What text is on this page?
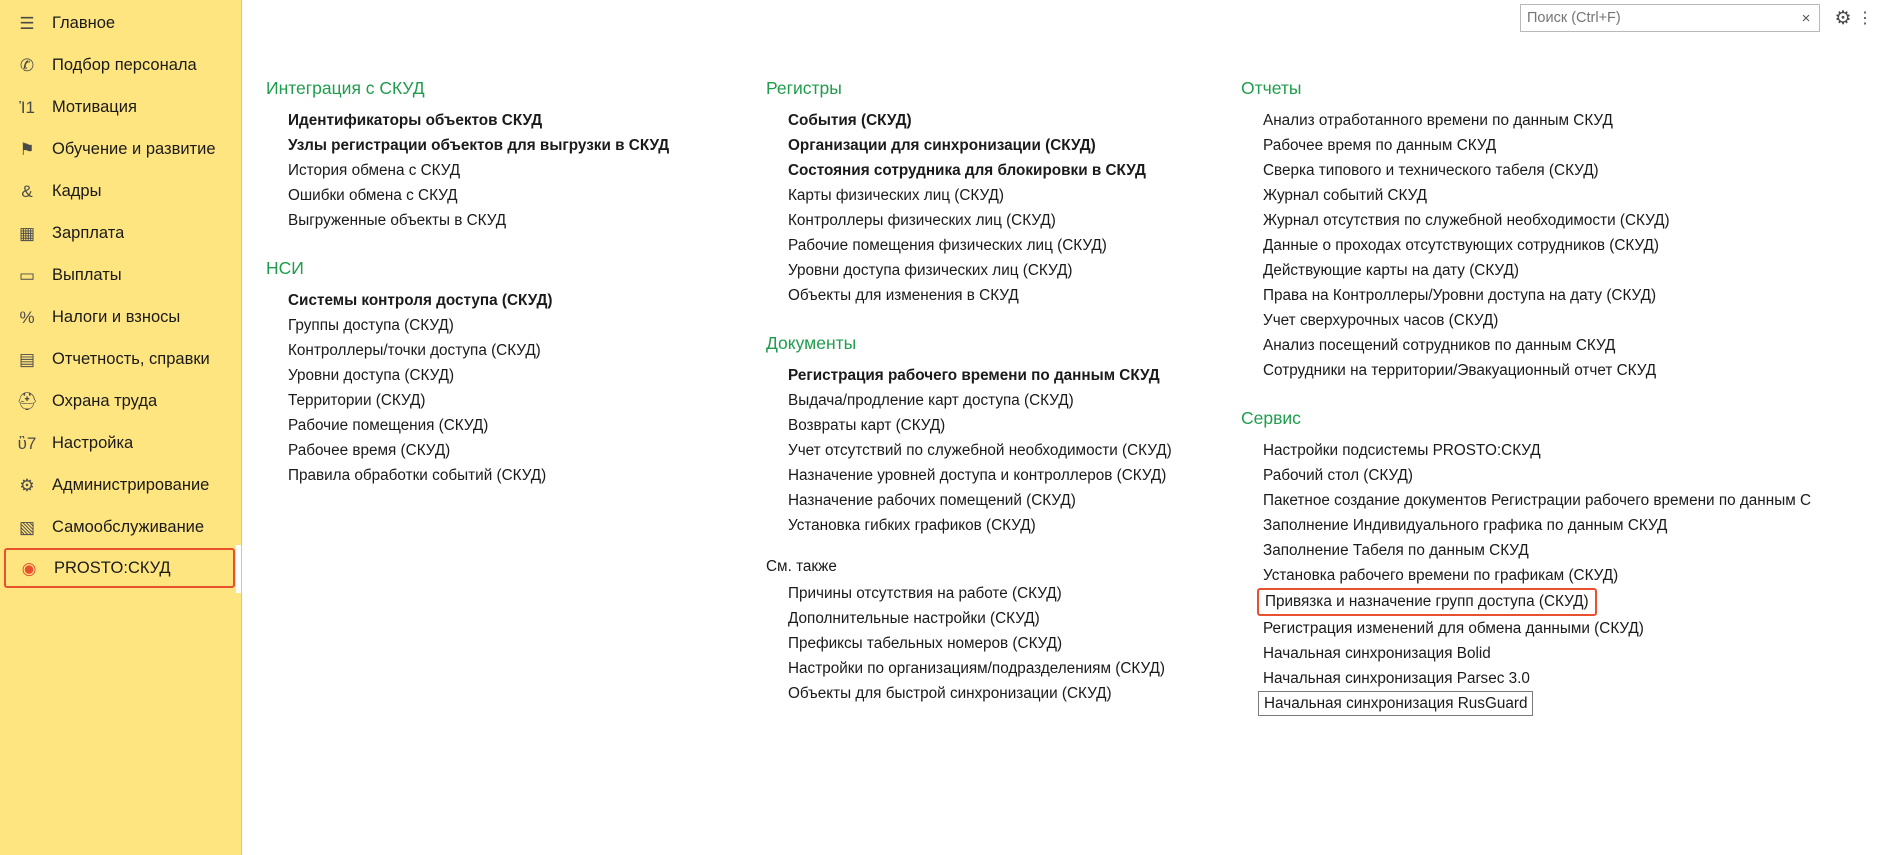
☰	Главное
✆	Подбор персонала
Ἰ1	Мотивация
⚑	Обучение и развитие
&	Кадры
▦	Зарплата
▭	Выплаты
%	Налоги и взносы
▤	Отчетность, справки
⛑ Охрана труда
ὒ7 Настройка
⚙	Администрирование
▧	Самообслуживание
◉	PROSTO:СКУД
Поиск (Ctrl+F)
×	⚙ ⋮
Интеграция с СКУД
Идентификаторы объектов СКУД
Узлы регистрации объектов для выгрузки в СКУД
История обмена с СКУД
Ошибки обмена с СКУД
Выгруженные объекты в СКУД
НСИ
Системы контроля доступа (СКУД)
Группы доступа (СКУД)
Контроллеры/точки доступа (СКУД)
Уровни доступа (СКУД)
Территории (СКУД)
Рабочие помещения (СКУД)
Рабочее время (СКУД)
Правила обработки событий (СКУД)
Регистры
События (СКУД)
Организации для синхронизации (СКУД)
Состояния сотрудника для блокировки в СКУД
Карты физических лиц (СКУД)
Контроллеры физических лиц (СКУД)
Рабочие помещения физических лиц (СКУД)
Уровни доступа физических лиц (СКУД)
Объекты для изменения в СКУД
Документы
Регистрация рабочего времени по данным СКУД
Выдача/продление карт доступа (СКУД)
Возвраты карт (СКУД)
Учет отсутствий по служебной необходимости (СКУД)
Назначение уровней доступа и контроллеров (СКУД)
Назначение рабочих помещений (СКУД)
Установка гибких графиков (СКУД)
См. также
Причины отсутствия на работе (СКУД)
Дополнительные настройки (СКУД)
Префиксы табельных номеров (СКУД)
Настройки по организациям/подразделениям (СКУД)
Объекты для быстрой синхронизации (СКУД)
Отчеты
Анализ отработанного времени по данным СКУД
Рабочее время по данным СКУД
Сверка типового и технического табеля (СКУД)
Журнал событий СКУД
Журнал отсутствия по служебной необходимости (СКУД)
Данные о проходах отсутствующих сотрудников (СКУД)
Действующие карты на дату (СКУД)
Права на Контроллеры/Уровни доступа на дату (СКУД)
Учет сверхурочных часов (СКУД)
Анализ посещений сотрудников по данным СКУД
Сотрудники на территории/Эвакуационный отчет СКУД
Сервис
Настройки подсистемы PROSTO:СКУД
Рабочий стол (СКУД)
Пакетное создание документов Регистрации рабочего времени по данным С
Заполнение Индивидуального графика по данным СКУД
Заполнение Табеля по данным СКУД
Установка рабочего времени по графикам (СКУД)
Привязка и назначение групп доступа (СКУД)
Регистрация изменений для обмена данными (СКУД)
Начальная синхронизация Bolid
Начальная синхронизация Parsec 3.0
Начальная синхронизация RusGuard
